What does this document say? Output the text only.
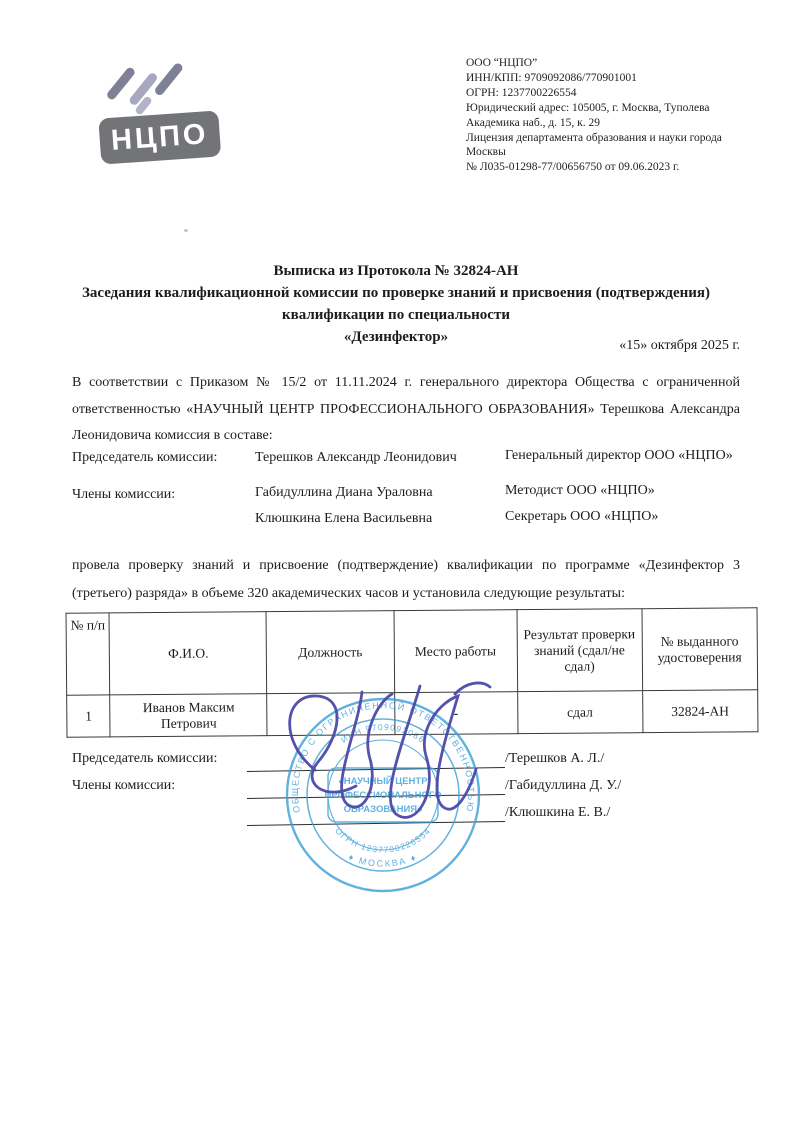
НЦПО
ООО “НЦПО”
ИНН/КПП: 9709092086/770901001
ОГРН: 1237700226554
Юридический адрес: 105005, г. Москва, Туполева
Академика наб., д. 15, к. 29
Лицензия департамента образования и науки города
Москвы
№ Л035-01298-77/00656750 от 09.06.2023 г.
Выписка из Протокола № 32824-АН
Заседания квалификационной комиссии по проверке знаний и присвоения (подтверждения)
квалификации по специальности
«Дезинфектор»
«15» октября 2025 г.
В соответствии с Приказом № 15/2 от 11.11.2024 г. генерального директора Общества с ограниченной ответственностью «НАУЧНЫЙ ЦЕНТР ПРОФЕССИОНАЛЬНОГО ОБРАЗОВАНИЯ» Терешкова Александра Леонидовича комиссия в составе:
Председатель комиссии:	Терешков Александр Леонидович	Генеральный директор ООО «НЦПО»
Члены комиссии:	Габидуллина Диана Ураловна	Методист ООО «НЦПО»
Клюшкина Елена Васильевна	Секретарь ООО «НЦПО»
провела проверку знаний и присвоение (подтверждение) квалификации по программе «Дезинфектор 3 (третьего) разряда» в объеме 320 академических часов и установила следующие результаты:
№ п/п	Ф.И.О.	Должность	Место работы	Результат проверки знаний (сдал/не сдал)	№ выданного удостоверения
1	Иванов Максим Петрович		-	сдал	32824-АН
Председатель комиссии:
Члены комиссии:
/Терешков А. Л./
/Габидуллина Д. У./
/Клюшкина Е. В./
ОБЩЕСТВО С ОГРАНИЧЕННОЙ ОТВЕТСТВЕННОСТЬЮ
♦ МОСКВА ♦
ИНН 9709092086
ОГРН 1237700226554
«НАУЧНЫЙ ЦЕНТР
ПРОФЕССИОНАЛЬНОГО
ОБРАЗОВАНИЯ»
